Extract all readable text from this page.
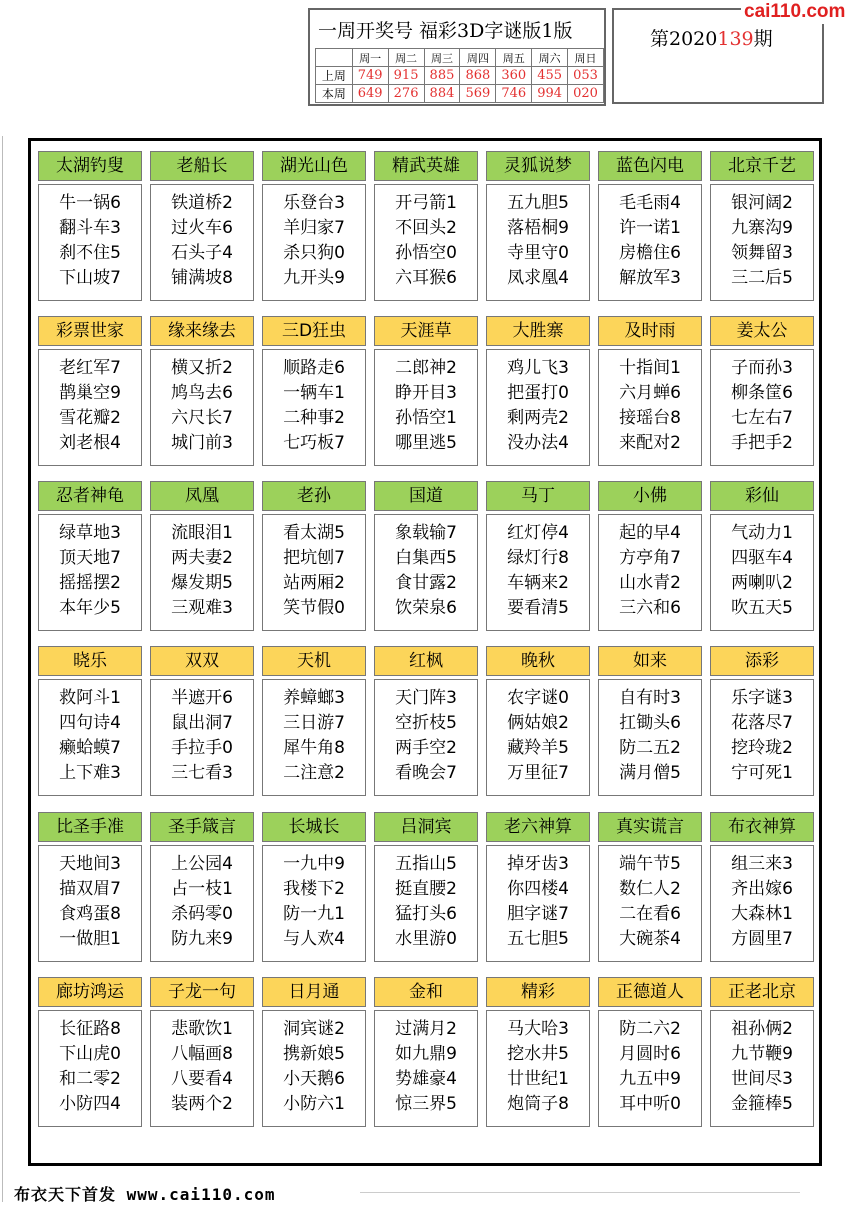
一周开奖号 福彩3D字谜版1版
	周一	周二	周三	周四	周五	周六	周日
上周	749	915	885	868	360	455	053
本周	649	276	884	569	746	994	020
第2020139期
cai110.com
太湖钓叟
牛一锅6
翻斗车3
刹不住5
下山坡7
老船长
铁道桥2
过火车6
石头子4
铺满坡8
湖光山色
乐登台3
羊归家7
杀只狗0
九开头9
精武英雄
开弓箭1
不回头2
孙悟空0
六耳猴6
灵狐说梦
五九胆5
落梧桐9
寺里守0
凤求凰4
蓝色闪电
毛毛雨4
许一诺1
房檐住6
解放军3
北京千艺
银河阔2
九寨沟9
领舞留3
三二后5
彩票世家
老红军7
鹊巢空9
雪花瓣2
刘老根4
缘来缘去
横又折2
鸠鸟去6
六尺长7
城门前3
三D狂虫
顺路走6
一辆车1
二种事2
七巧板7
天涯草
二郎神2
睁开目3
孙悟空1
哪里逃5
大胜寨
鸡儿飞3
把蛋打0
剩两壳2
没办法4
及时雨
十指间1
六月蝉6
接瑶台8
来配对2
姜太公
子而孙3
柳条筐6
七左右7
手把手2
忍者神龟
绿草地3
顶天地7
摇摇摆2
本年少5
凤凰
流眼泪1
两夫妻2
爆发期5
三观难3
老孙
看太湖5
把坑刨7
站两厢2
笑节假0
国道
象载输7
白集西5
食甘露2
饮荣泉6
马丁
红灯停4
绿灯行8
车辆来2
要看清5
小佛
起的早4
方亭角7
山水青2
三六和6
彩仙
气动力1
四驱车4
两喇叭2
吹五天5
晓乐
救阿斗1
四句诗4
癞蛤蟆7
上下难3
双双
半遮开6
鼠出洞7
手拉手0
三七看3
天机
养蟑螂3
三日游7
犀牛角8
二注意2
红枫
天门阵3
空折枝5
两手空2
看晚会7
晚秋
农字谜0
俩姑娘2
藏羚羊5
万里征7
如来
自有时3
扛锄头6
防二五2
满月僧5
添彩
乐字谜3
花落尽7
挖玲珑2
宁可死1
比圣手准
天地间3
描双眉7
食鸡蛋8
一做胆1
圣手箴言
上公园4
占一枝1
杀码零0
防九来9
长城长
一九中9
我楼下2
防一九1
与人欢4
吕洞宾
五指山5
挺直腰2
猛打头6
水里游0
老六神算
掉牙齿3
你四楼4
胆字谜7
五七胆5
真实谎言
端午节5
数仁人2
二在看6
大碗茶4
布衣神算
组三来3
齐出嫁6
大森林1
方圆里7
廊坊鸿运
长征路8
下山虎0
和二零2
小防四4
子龙一句
悲歌饮1
八幅画8
八要看4
装两个2
日月通
洞宾谜2
携新娘5
小天鹅6
小防六1
金和
过满月2
如九鼎9
势雄豪4
惊三界5
精彩
马大哈3
挖水井5
廿世纪1
炮筒子8
正德道人
防二六2
月圆时6
九五中9
耳中听0
正老北京
祖孙俩2
九节鞭9
世间尽3
金箍棒5
布衣天下首发 www.cai110.com
